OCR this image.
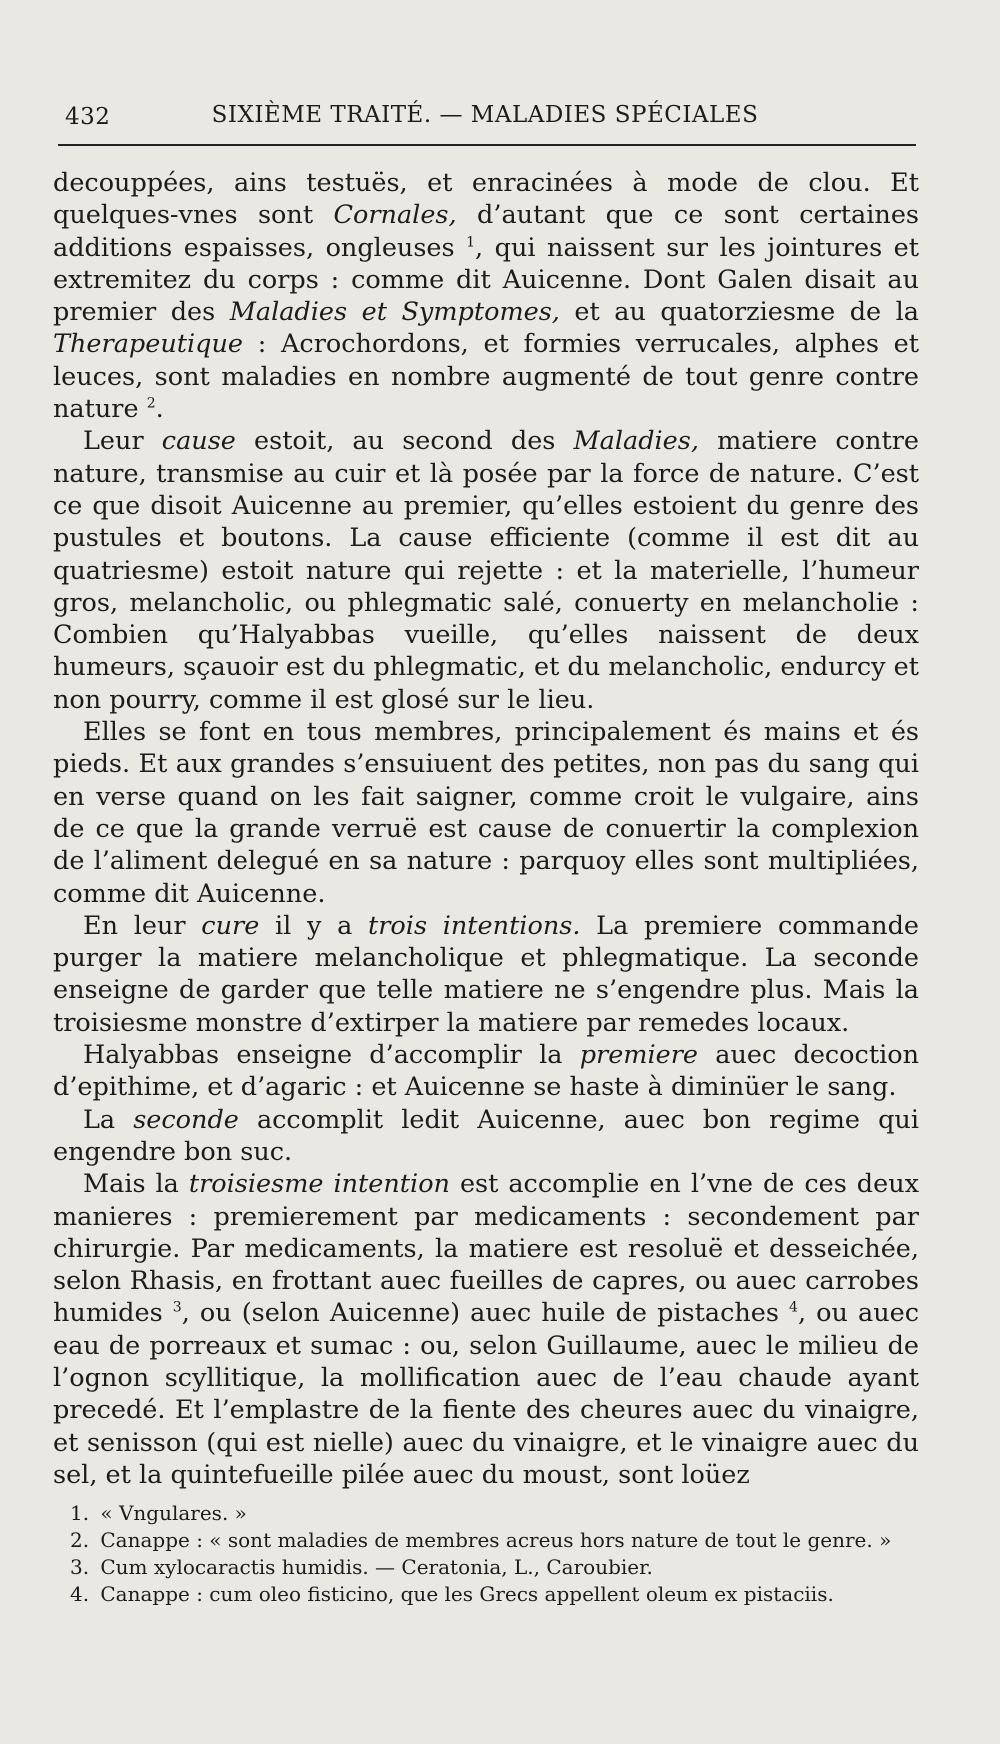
432	SIXIÈME TRAITÉ. — MALADIES SPÉCIALES

decouppées, ains testuës, et enracinées à mode de clou. Et quelques-vnes sont Cornales, d’autant que ce sont certaines additions espaisses, ongleuses $^1$, qui naissent sur les jointures et extremitez du corps : comme dit Auicenne. Dont Galen disait au premier des Maladies et Symptomes, et au quatorziesme de la Therapeutique : Acrochordons, et formies verrucales, alphes et leuces, sont maladies en nombre augmenté de tout genre contre nature $^2$.

Leur cause estoit, au second des Maladies, matiere contre nature, transmise au cuir et là posée par la force de nature. C’est ce que disoit Auicenne au premier, qu’elles estoient du genre des pustules et boutons. La cause efficiente (comme il est dit au quatriesme) estoit nature qui rejette : et la materielle, l’humeur gros, melancholic, ou phlegmatic salé, conuerty en melancholie : Combien qu’Halyabbas vueille, qu’elles naissent de deux humeurs, sçauoir est du phlegmatic, et du melancholic, endurcy et non pourry, comme il est glosé sur le lieu.

Elles se font en tous membres, principalement és mains et és pieds. Et aux grandes s’ensuiuent des petites, non pas du sang qui en verse quand on les fait saigner, comme croit le vulgaire, ains de ce que la grande verruë est cause de conuertir la complexion de l’aliment delegué en sa nature : parquoy elles sont multipliées, comme dit Auicenne.

En leur cure il y a trois intentions. La premiere commande purger la matiere melancholique et phlegmatique. La seconde enseigne de garder que telle matiere ne s’engendre plus. Mais la troisiesme monstre d’extirper la matiere par remedes locaux.

Halyabbas enseigne d’accomplir la premiere auec decoction d’epithime, et d’agaric : et Auicenne se haste à diminüer le sang.

La seconde accomplit ledit Auicenne, auec bon regime qui engendre bon suc.

Mais la troisiesme intention est accomplie en l’vne de ces deux manieres : premierement par medicaments : secondement par chirurgie. Par medicaments, la matiere est resoluë et desseichée, selon Rhasis, en frottant auec fueilles de capres, ou auec carrobes humides $^3$, ou (selon Auicenne) auec huile de pistaches $^4$, ou auec eau de porreaux et sumac : ou, selon Guillaume, auec le milieu de l’ognon scyllitique, la mollification auec de l’eau chaude ayant precedé. Et l’emplastre de la fiente des cheures auec du vinaigre, et senisson (qui est nielle) auec du vinaigre, et le vinaigre auec du sel, et la quintefueille pilée auec du moust, sont loüez

1. « Vngulares. »
2. Canappe : « sont maladies de membres acreus hors nature de tout le genre. »
3. Cum xylocaractis humidis. — Ceratonia, L., Caroubier.
4. Canappe : cum oleo fisticino, que les Grecs appellent oleum ex pistaciis.
